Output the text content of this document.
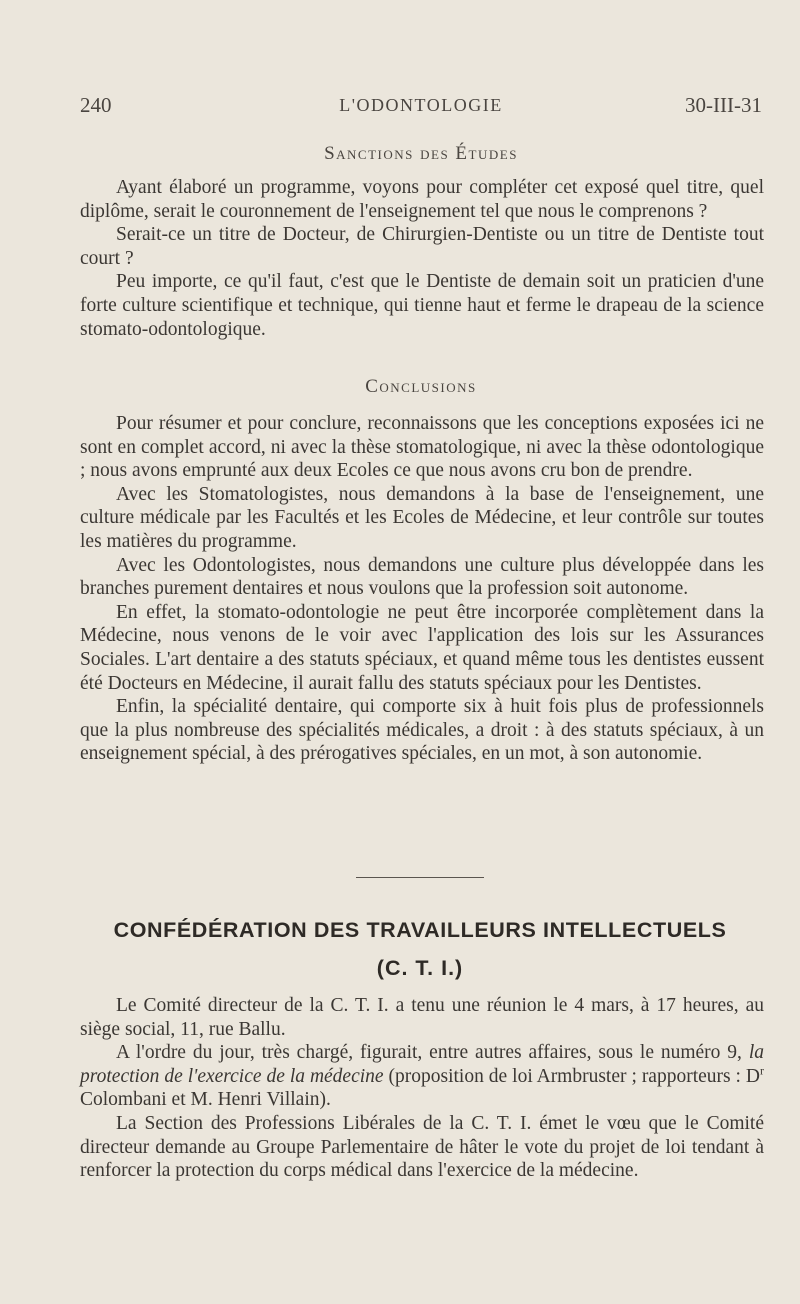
240	L'ODONTOLOGIE	30-III-31
Sanctions des Études

Ayant élaboré un programme, voyons pour compléter cet exposé quel titre, quel diplôme, serait le couronnement de l'enseignement tel que nous le comprenons ?

Serait-ce un titre de Docteur, de Chirurgien-Dentiste ou un titre de Dentiste tout court ?

Peu importe, ce qu'il faut, c'est que le Dentiste de demain soit un praticien d'une forte culture scientifique et technique, qui tienne haut et ferme le drapeau de la science stomato-odontologique.

Conclusions

Pour résumer et pour conclure, reconnaissons que les conceptions exposées ici ne sont en complet accord, ni avec la thèse stomatologique, ni avec la thèse odontologique ; nous avons emprunté aux deux Ecoles ce que nous avons cru bon de prendre.

Avec les Stomatologistes, nous demandons à la base de l'enseignement, une culture médicale par les Facultés et les Ecoles de Médecine, et leur contrôle sur toutes les matières du programme.

Avec les Odontologistes, nous demandons une culture plus développée dans les branches purement dentaires et nous voulons que la profession soit autonome.

En effet, la stomato-odontologie ne peut être incorporée complètement dans la Médecine, nous venons de le voir avec l'application des lois sur les Assurances Sociales. L'art dentaire a des statuts spéciaux, et quand même tous les dentistes eussent été Docteurs en Médecine, il aurait fallu des statuts spéciaux pour les Dentistes.

Enfin, la spécialité dentaire, qui comporte six à huit fois plus de professionnels que la plus nombreuse des spécialités médicales, a droit : à des statuts spéciaux, à un enseignement spécial, à des prérogatives spéciales, en un mot, à son autonomie.

CONFÉDÉRATION DES TRAVAILLEURS INTELLECTUELS
(C. T. I.)

Le Comité directeur de la C. T. I. a tenu une réunion le 4 mars, à 17 heures, au siège social, 11, rue Ballu.

A l'ordre du jour, très chargé, figurait, entre autres affaires, sous le numéro 9, la protection de l'exercice de la médecine (proposition de loi Armbruster ; rapporteurs : $D^r$ Colombani et M. Henri Villain).

La Section des Professions Libérales de la C. T. I. émet le vœu que le Comité directeur demande au Groupe Parlementaire de hâter le vote du projet de loi tendant à renforcer la protection du corps médical dans l'exercice de la médecine.
